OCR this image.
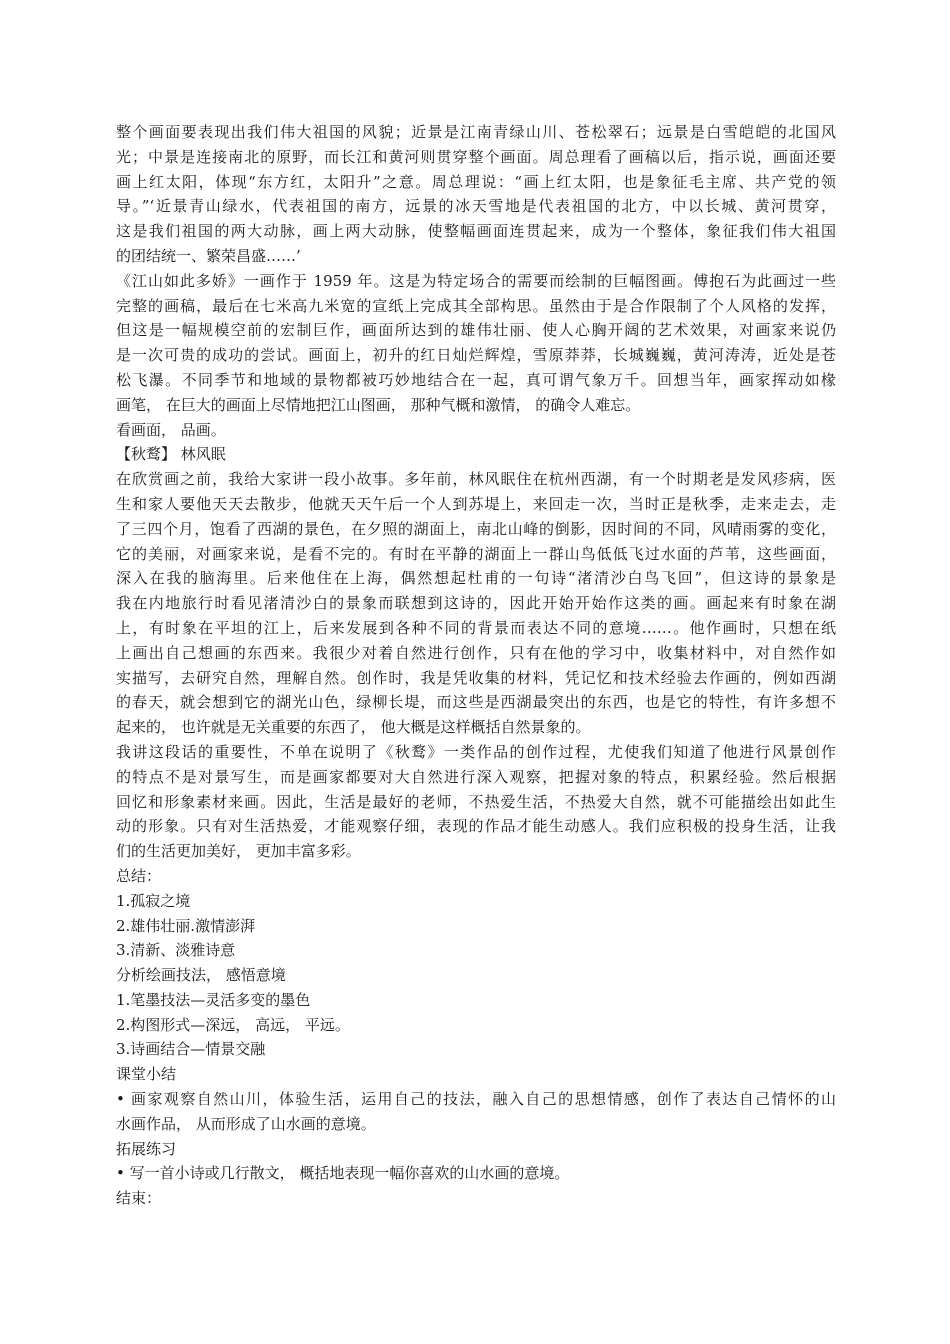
整个画面要表现出我们伟大祖国的风貌；近景是江南青绿山川、苍松翠石；远景是白雪皑皑的北国风
光；中景是连接南北的原野，而长江和黄河则贯穿整个画面。周总理看了画稿以后，指示说，画面还要
画上红太阳，体现“东方红，太阳升”之意。周总理说：“画上红太阳，也是象征毛主席、共产党的领
导。”‘近景青山绿水，代表祖国的南方，远景的冰天雪地是代表祖国的北方，中以长城、黄河贯穿，
这是我们祖国的两大动脉，画上两大动脉，使整幅画面连贯起来，成为一个整体，象征我们伟大祖国
的团结统一、繁荣昌盛……’
《江山如此多娇》一画作于 1959 年。这是为特定场合的需要而绘制的巨幅图画。傅抱石为此画过一些
完整的画稿，最后在七米高九米宽的宣纸上完成其全部构思。虽然由于是合作限制了个人风格的发挥，
但这是一幅规模空前的宏制巨作，画面所达到的雄伟壮丽、使人心胸开阔的艺术效果，对画家来说仍
是一次可贵的成功的尝试。画面上，初升的红日灿烂辉煌，雪原莽莽，长城巍巍，黄河涛涛，近处是苍
松飞瀑。不同季节和地域的景物都被巧妙地结合在一起，真可谓气象万千。回想当年，画家挥动如椽
画笔， 在巨大的画面上尽情地把江山图画， 那种气概和激情， 的确令人难忘。
看画面， 品画。
【秋鹜】 林风眠
在欣赏画之前，我给大家讲一段小故事。多年前，林风眠住在杭州西湖，有一个时期老是发风疹病，医
生和家人要他天天去散步，他就天天午后一个人到苏堤上，来回走一次，当时正是秋季，走来走去，走
了三四个月，饱看了西湖的景色，在夕照的湖面上，南北山峰的倒影，因时间的不同，风晴雨雾的变化，
它的美丽，对画家来说，是看不完的。有时在平静的湖面上一群山鸟低低飞过水面的芦苇，这些画面，
深入在我的脑海里。后来他住在上海，偶然想起杜甫的一句诗“渚清沙白鸟飞回”，但这诗的景象是
我在内地旅行时看见渚清沙白的景象而联想到这诗的，因此开始开始作这类的画。画起来有时象在湖
上，有时象在平坦的江上，后来发展到各种不同的背景而表达不同的意境……。他作画时，只想在纸
上画出自己想画的东西来。我很少对着自然进行创作，只有在他的学习中，收集材料中，对自然作如
实描写，去研究自然，理解自然。创作时，我是凭收集的材料，凭记忆和技术经验去作画的，例如西湖
的春天，就会想到它的湖光山色，绿柳长堤，而这些是西湖最突出的东西，也是它的特性，有许多想不
起来的， 也许就是无关重要的东西了， 他大概是这样概括自然景象的。
我讲这段话的重要性，不单在说明了《秋鹜》一类作品的创作过程，尤使我们知道了他进行风景创作
的特点不是对景写生，而是画家都要对大自然进行深入观察，把握对象的特点，积累经验。然后根据
回忆和形象素材来画。因此，生活是最好的老师，不热爱生活，不热爱大自然，就不可能描绘出如此生
动的形象。只有对生活热爱，才能观察仔细，表现的作品才能生动感人。我们应积极的投身生活，让我
们的生活更加美好， 更加丰富多彩。
总结：
1.孤寂之境
2.雄伟壮丽.激情澎湃
3.清新、淡雅诗意
分析绘画技法， 感悟意境
1.笔墨技法—灵活多变的墨色
2.构图形式—深远， 高远， 平远。
3.诗画结合—情景交融
课堂小结
• 画家观察自然山川，体验生活，运用自己的技法，融入自己的思想情感，创作了表达自己情怀的山
水画作品， 从而形成了山水画的意境。
拓展练习
• 写一首小诗或几行散文， 概括地表现一幅你喜欢的山水画的意境。
结束：
